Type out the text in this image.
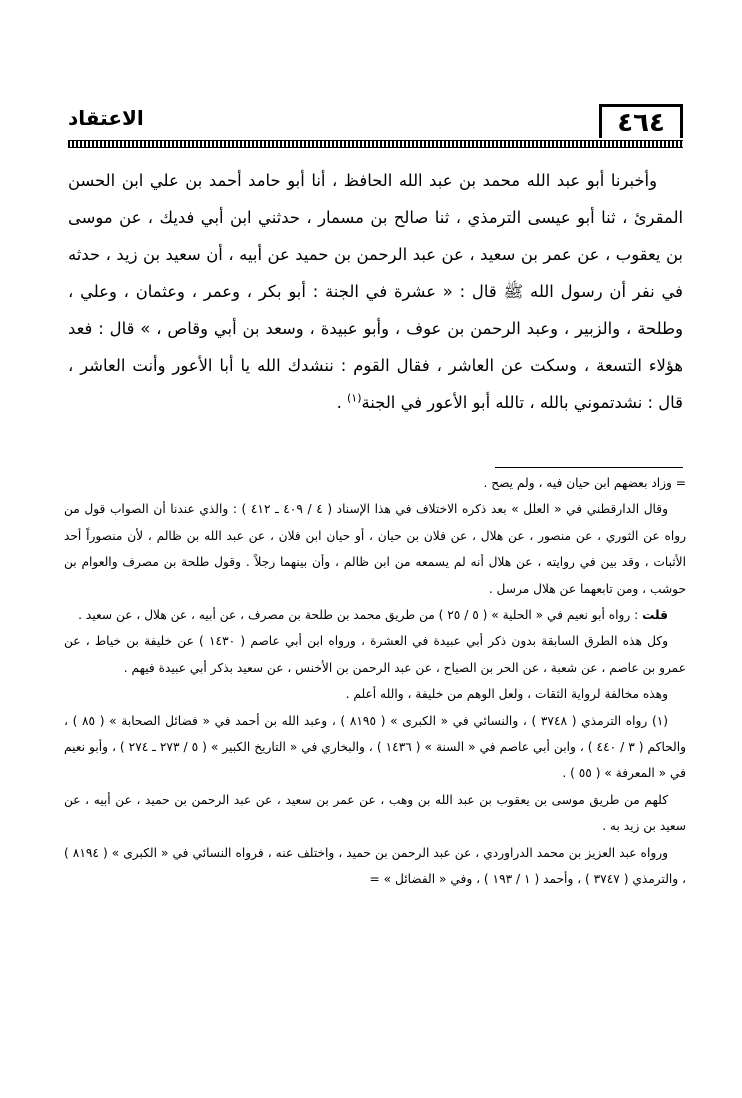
٤٦٤
الاعتقاد

وأخبرنا أبو عبد الله محمد بن عبد الله الحافظ ، أنا أبو حامد أحمد بن علي ابن الحسن المقرئ ، ثنا أبو عيسى الترمذي ، ثنا صالح بن مسمار ، حدثني ابن أبي فديك ، عن موسى بن يعقوب ، عن عمر بن سعيد ، عن عبد الرحمن بن حميد عن أبيه ، أن سعيد بن زيد ، حدثه في نفر أن رسول الله ﷺ قال : « عشرة في الجنة : أبو بكر ، وعمر ، وعثمان ، وعلي ، وطلحة ، والزبير ، وعبد الرحمن بن عوف ، وأبو عبيدة ، وسعد بن أبي وقاص ، » قال : فعد هؤلاء التسعة ، وسكت عن العاشر ، فقال القوم : ننشدك الله يا أبا الأعور وأنت العاشر ، قال : نشدتموني بالله ، تالله أبو الأعور في الجنة$^{(١)}$ .

= وزاد بعضهم ابن حيان فيه ، ولم يصح .

وقال الدارقطني في « العلل » بعد ذكره الاختلاف في هذا الإسناد ( ٤ / ٤٠٩ ـ ٤١٢ ) : والذي عندنا أن الصواب قول من رواه عن الثوري ، عن منصور ، عن هلال ، عن فلان بن حيان ، أو حيان ابن فلان ، عن عبد الله بن ظالم ، لأن منصوراً أحد الأثبات ، وقد بين في روايته ، عن هلال أنه لم يسمعه من ابن ظالم ، وأن بينهما رجلاً . وقول طلحة بن مصرف والعوام بن حوشب ، ومن تابعهما عن هلال مرسل .

قلت : رواه أبو نعيم في « الحلية » ( ٥ / ٢٥ ) من طريق محمد بن طلحة بن مصرف ، عن أبيه ، عن هلال ، عن سعيد .

وكل هذه الطرق السابقة بدون ذكر أبي عبيدة في العشرة ، ورواه ابن أبي عاصم ( ١٤٣٠ ) عن خليفة بن خياط ، عن عمرو بن عاصم ، عن شعبة ، عن الحر بن الصياح ، عن عبد الرحمن بن الأخنس ، عن سعيد بذكر أبي عبيدة فيهم .

وهذه مخالفة لرواية الثقات ، ولعل الوهم من خليفة ، والله أعلم .

(١) رواه الترمذي ( ٣٧٤٨ ) ، والنسائي في « الكبرى » ( ٨١٩٥ ) ، وعبد الله بن أحمد في « فضائل الصحابة » ( ٨٥ ) ، والحاكم ( ٣ / ٤٤٠ ) ، وابن أبي عاصم في « السنة » ( ١٤٣٦ ) ، والبخاري في « التاريخ الكبير » ( ٥ / ٢٧٣ ـ ٢٧٤ ) ، وأبو نعيم في « المعرفة » ( ٥٥ ) .

كلهم من طريق موسى بن يعقوب بن عبد الله بن وهب ، عن عمر بن سعيد ، عن عبد الرحمن بن حميد ، عن أبيه ، عن سعيد بن زيد به .

ورواه عبد العزيز بن محمد الدراوردي ، عن عبد الرحمن بن حميد ، واختلف عنه ، فرواه النسائي في « الكبرى » ( ٨١٩٤ ) ، والترمذي ( ٣٧٤٧ ) ، وأحمد ( ١ / ١٩٣ ) ، وفي « الفضائل » =
